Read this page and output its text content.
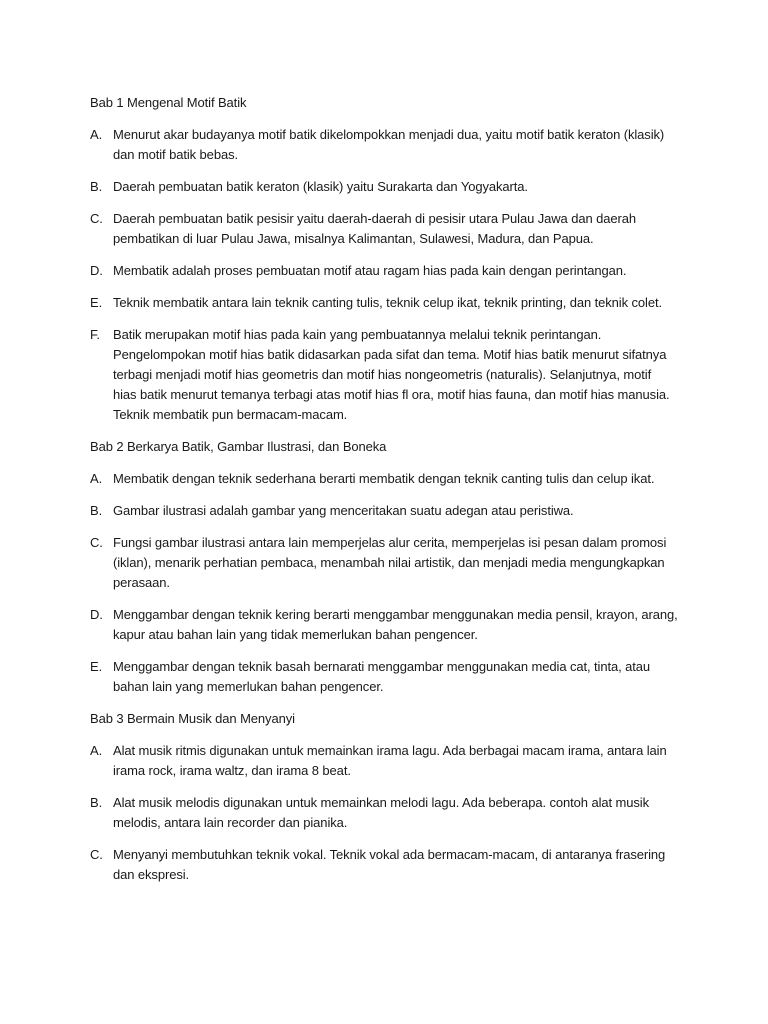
Bab 1 Mengenal Motif Batik
A. Menurut akar budayanya motif batik dikelompokkan menjadi dua, yaitu motif batik keraton (klasik) dan motif batik bebas.
B. Daerah pembuatan batik keraton (klasik) yaitu Surakarta dan Yogyakarta.
C. Daerah pembuatan batik pesisir yaitu daerah-daerah di pesisir utara Pulau Jawa dan daerah pembatikan di luar Pulau Jawa, misalnya Kalimantan, Sulawesi, Madura, dan Papua.
D. Membatik adalah proses pembuatan motif atau ragam hias pada kain dengan perintangan.
E. Teknik membatik antara lain teknik canting tulis, teknik celup ikat, teknik printing, dan teknik colet.
F.	Batik merupakan motif hias pada kain yang pembuatannya melalui teknik perintangan. Pengelompokan motif hias batik didasarkan pada sifat dan tema. Motif hias batik menurut sifatnya terbagi menjadi motif hias geometris dan motif hias nongeometris (naturalis). Selanjutnya, motif hias batik menurut temanya terbagi atas motif hias fl ora, motif hias fauna, dan motif hias manusia. Teknik membatik pun bermacam-macam.
Bab 2 Berkarya Batik, Gambar Ilustrasi, dan Boneka
A. Membatik dengan teknik sederhana berarti membatik dengan teknik canting tulis dan celup ikat.
B. Gambar ilustrasi adalah gambar yang menceritakan suatu adegan atau peristiwa.
C. Fungsi gambar ilustrasi antara lain memperjelas alur cerita, memperjelas isi pesan dalam promosi (iklan), menarik perhatian pembaca, menambah nilai artistik, dan menjadi media mengungkapkan perasaan.
D. Menggambar dengan teknik kering berarti menggambar menggunakan media pensil, krayon, arang, kapur atau bahan lain yang tidak memerlukan bahan pengencer.
E. Menggambar dengan teknik basah bernarati menggambar menggunakan media cat, tinta, atau bahan lain yang memerlukan bahan pengencer.
Bab 3 Bermain Musik dan Menyanyi
A. Alat musik ritmis digunakan untuk memainkan irama lagu. Ada berbagai macam irama, antara lain irama rock, irama waltz, dan irama 8 beat.
B. Alat musik melodis digunakan untuk memainkan melodi lagu. Ada beberapa. contoh alat musik melodis, antara lain recorder dan pianika.
C. Menyanyi membutuhkan teknik vokal. Teknik vokal ada bermacam-macam, di antaranya frasering dan ekspresi.
